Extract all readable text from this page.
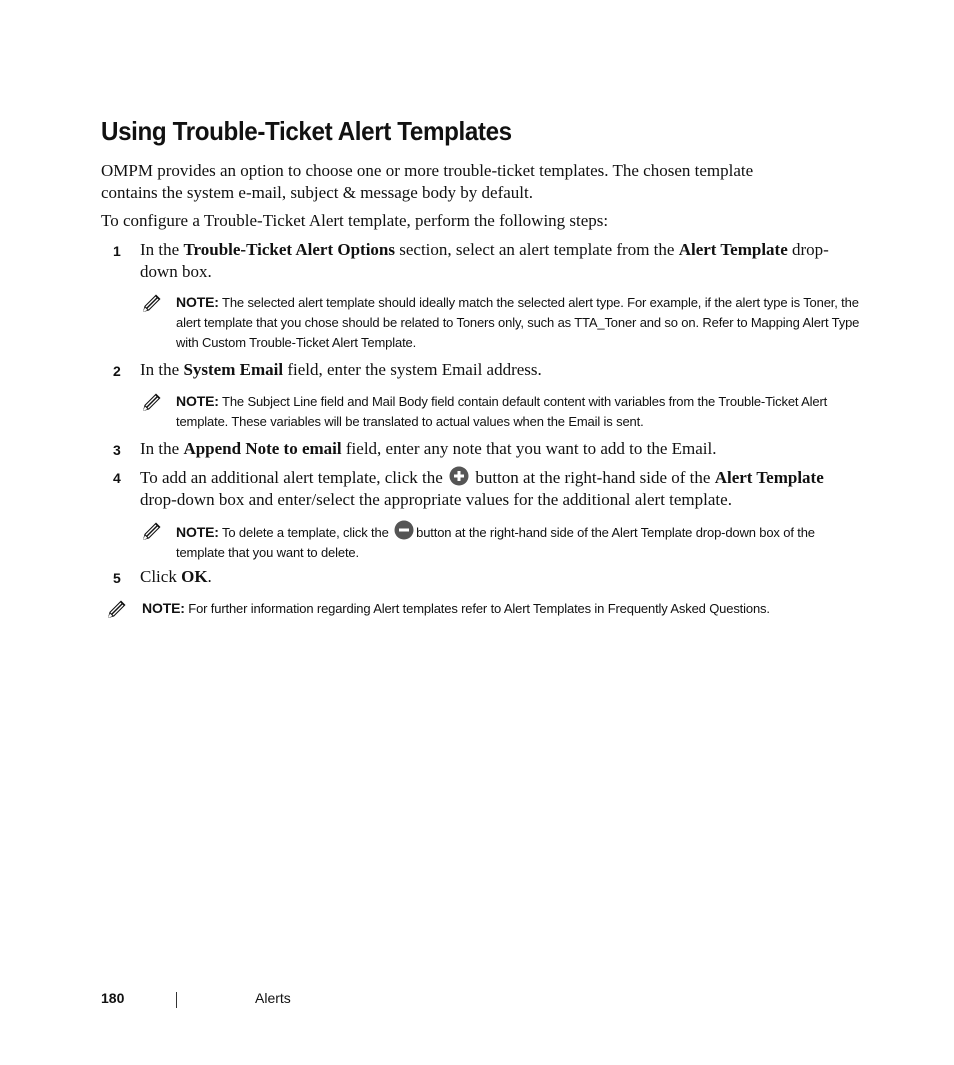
Using Trouble-Ticket Alert Templates

OMPM provides an option to choose one or more trouble-ticket templates. The chosen template
contains the system e-mail, subject & message body by default.

To configure a Trouble-Ticket Alert template, perform the following steps:

1 In the Trouble-Ticket Alert Options section, select an alert template from the Alert Template drop-down box.

NOTE: The selected alert template should ideally match the selected alert type. For example, if the alert type is Toner, the alert template that you chose should be related to Toners only, such as TTA_Toner and so on. Refer to Mapping Alert Type with Custom Trouble-Ticket Alert Template.

2 In the System Email field, enter the system Email address.

NOTE: The Subject Line field and Mail Body field contain default content with variables from the Trouble-Ticket Alert template. These variables will be translated to actual values when the Email is sent.

3 In the Append Note to email field, enter any note that you want to add to the Email.

4 To add an additional alert template, click the  button at the right-hand side of the Alert Template drop-down box and enter/select the appropriate values for the additional alert template.

NOTE: To delete a template, click the button at the right-hand side of the Alert Template drop-down box of the template that you want to delete.

5 Click OK.

NOTE: For further information regarding Alert templates refer to Alert Templates in Frequently Asked Questions.

180	Alerts
